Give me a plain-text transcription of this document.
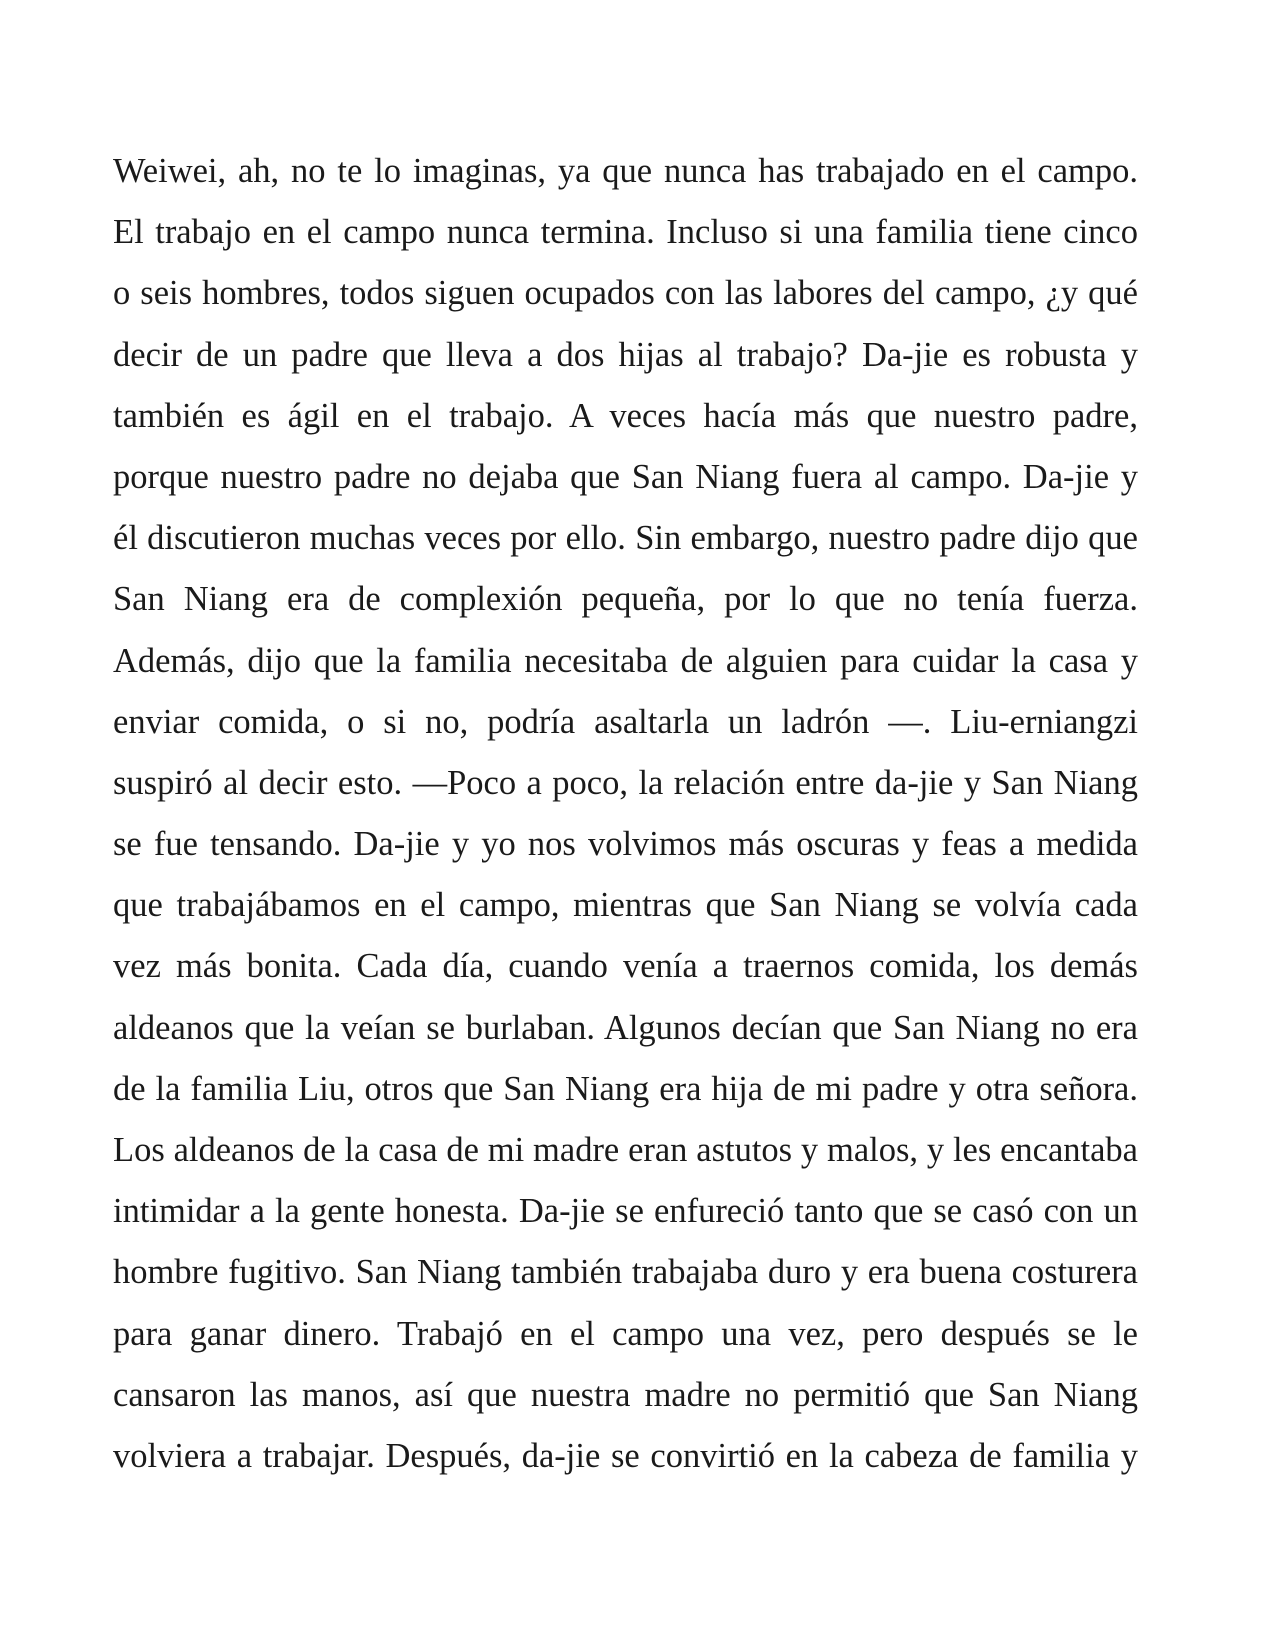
Weiwei, ah, no te lo imaginas, ya que nunca has trabajado en el campo.
El trabajo en el campo nunca termina. Incluso si una familia tiene cinco
o seis hombres, todos siguen ocupados con las labores del campo, ¿y qué
decir de un padre que lleva a dos hijas al trabajo? Da-jie es robusta y
también es ágil en el trabajo. A veces hacía más que nuestro padre,
porque nuestro padre no dejaba que San Niang fuera al campo. Da-jie y
él discutieron muchas veces por ello. Sin embargo, nuestro padre dijo que
San Niang era de complexión pequeña, por lo que no tenía fuerza.
Además, dijo que la familia necesitaba de alguien para cuidar la casa y
enviar comida, o si no, podría asaltarla un ladrón —. Liu-erniangzi
suspiró al decir esto. —Poco a poco, la relación entre da-jie y San Niang
se fue tensando. Da-jie y yo nos volvimos más oscuras y feas a medida
que trabajábamos en el campo, mientras que San Niang se volvía cada
vez más bonita. Cada día, cuando venía a traernos comida, los demás
aldeanos que la veían se burlaban. Algunos decían que San Niang no era
de la familia Liu, otros que San Niang era hija de mi padre y otra señora.
Los aldeanos de la casa de mi madre eran astutos y malos, y les encantaba
intimidar a la gente honesta. Da-jie se enfureció tanto que se casó con un
hombre fugitivo. San Niang también trabajaba duro y era buena costurera
para ganar dinero. Trabajó en el campo una vez, pero después se le
cansaron las manos, así que nuestra madre no permitió que San Niang
volviera a trabajar. Después, da-jie se convirtió en la cabeza de familia y
